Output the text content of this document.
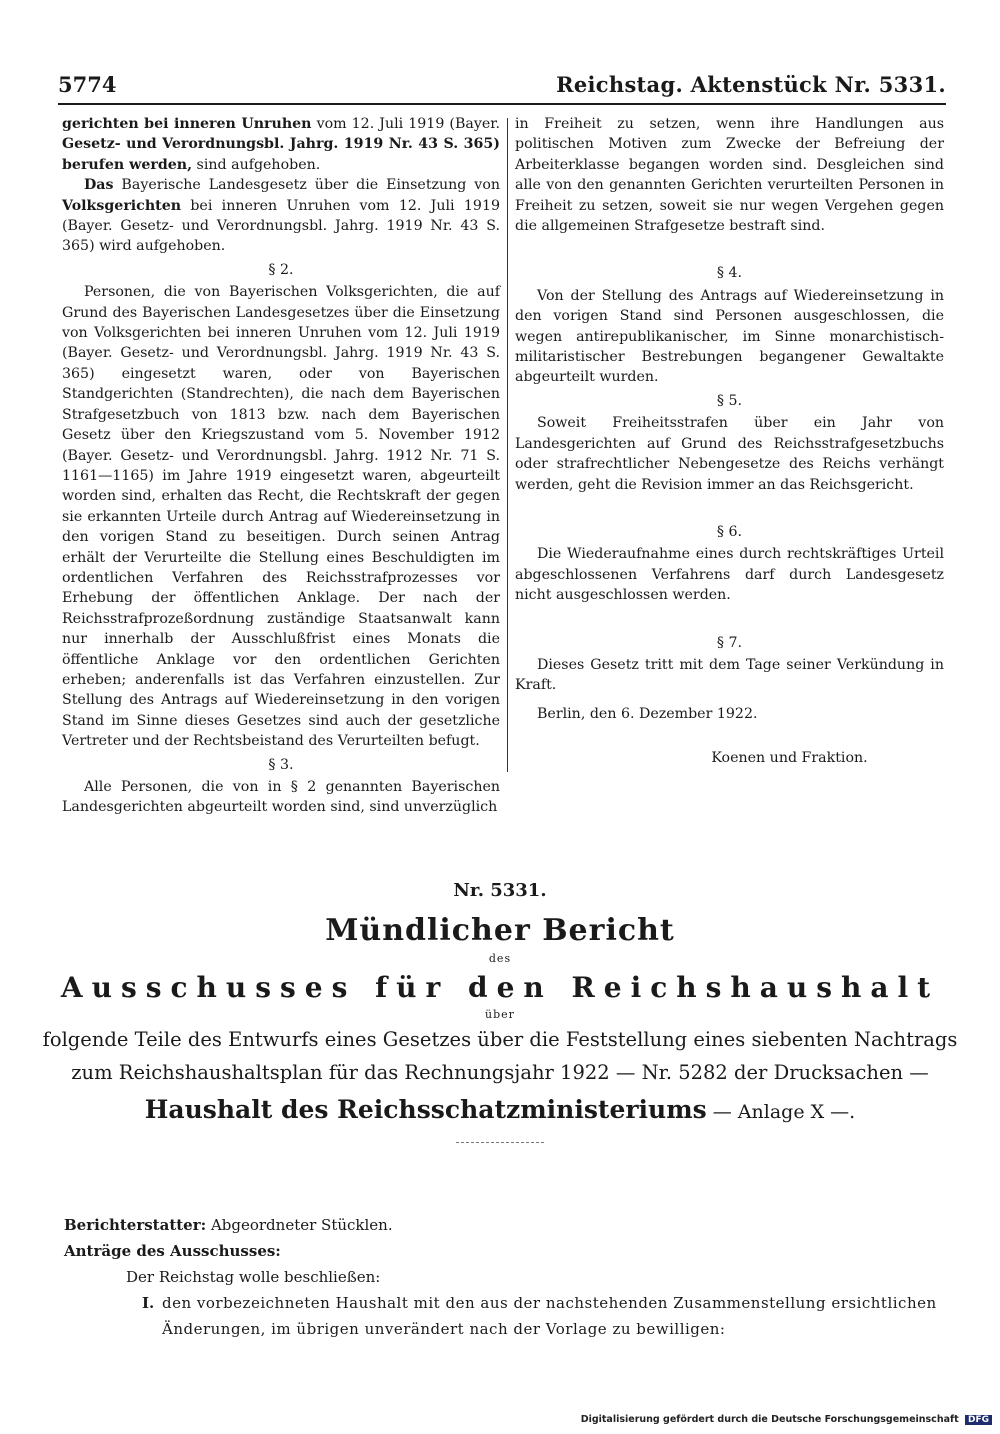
5774	Reichstag. Aktenstück Nr. 5331.

gerichten bei inneren Unruhen vom 12. Juli 1919 (Bayer. Gesetz- und Verordnungsbl. Jahrg. 1919 Nr. 43 S. 365) berufen werden, sind aufgehoben.

Das Bayerische Landesgesetz über die Einsetzung von Volksgerichten bei inneren Unruhen vom 12. Juli 1919 (Bayer. Gesetz- und Verordnungsbl. Jahrg. 1919 Nr. 43 S. 365) wird aufgehoben.

§ 2.

Personen, die von Bayerischen Volksgerichten, die auf Grund des Bayerischen Landesgesetzes über die Einsetzung von Volksgerichten bei inneren Unruhen vom 12. Juli 1919 (Bayer. Gesetz- und Verordnungsbl. Jahrg. 1919 Nr. 43 S. 365) eingesetzt waren, oder von Bayerischen Standgerichten (Standrechten), die nach dem Bayerischen Strafgesetzbuch von 1813 bzw. nach dem Bayerischen Gesetz über den Kriegszustand vom 5. November 1912 (Bayer. Gesetz- und Verordnungsbl. Jahrg. 1912 Nr. 71 S. 1161—1165) im Jahre 1919 eingesetzt waren, abgeurteilt worden sind, erhalten das Recht, die Rechtskraft der gegen sie erkannten Urteile durch Antrag auf Wiedereinsetzung in den vorigen Stand zu beseitigen. Durch seinen Antrag erhält der Verurteilte die Stellung eines Beschuldigten im ordentlichen Verfahren des Reichsstrafprozesses vor Erhebung der öffentlichen Anklage. Der nach der Reichsstrafprozeßordnung zuständige Staatsanwalt kann nur innerhalb der Ausschlußfrist eines Monats die öffentliche Anklage vor den ordentlichen Gerichten erheben; anderenfalls ist das Verfahren einzustellen. Zur Stellung des Antrags auf Wiedereinsetzung in den vorigen Stand im Sinne dieses Gesetzes sind auch der gesetzliche Vertreter und der Rechtsbeistand des Verurteilten befugt.

§ 3.

Alle Personen, die von in § 2 genannten Bayerischen Landesgerichten abgeurteilt worden sind, sind unverzüglich

in Freiheit zu setzen, wenn ihre Handlungen aus politischen Motiven zum Zwecke der Befreiung der Arbeiterklasse begangen worden sind. Desgleichen sind alle von den genannten Gerichten verurteilten Personen in Freiheit zu setzen, soweit sie nur wegen Vergehen gegen die allgemeinen Strafgesetze bestraft sind.

§ 4.

Von der Stellung des Antrags auf Wiedereinsetzung in den vorigen Stand sind Personen ausgeschlossen, die wegen antirepublikanischer, im Sinne monarchistisch-militaristischer Bestrebungen begangener Gewaltakte abgeurteilt wurden.

§ 5.

Soweit Freiheitsstrafen über ein Jahr von Landesgerichten auf Grund des Reichsstrafgesetzbuchs oder strafrechtlicher Nebengesetze des Reichs verhängt werden, geht die Revision immer an das Reichsgericht.

§ 6.

Die Wiederaufnahme eines durch rechtskräftiges Urteil abgeschlossenen Verfahrens darf durch Landesgesetz nicht ausgeschlossen werden.

§ 7.

Dieses Gesetz tritt mit dem Tage seiner Verkündung in Kraft.

Berlin, den 6. Dezember 1922.

Koenen und Fraktion.

Nr. 5331.

Mündlicher Bericht

des

Ausschusses für den Reichshaushalt

über

folgende Teile des Entwurfs eines Gesetzes über die Feststellung eines siebenten Nachtrags

zum Reichshaushaltsplan für das Rechnungsjahr 1922 — Nr. 5282 der Drucksachen —

Haushalt des Reichsschatzministeriums — Anlage X —.

Berichterstatter: Abgeordneter Stücklen.

Anträge des Ausschusses:

Der Reichstag wolle beschließen:

I. den vorbezeichneten Haushalt mit den aus der nachstehenden Zusammenstellung ersichtlichen Änderungen, im übrigen unverändert nach der Vorlage zu bewilligen:
Digitalisierung gefördert durch die Deutsche Forschungsgemeinschaft DFG
